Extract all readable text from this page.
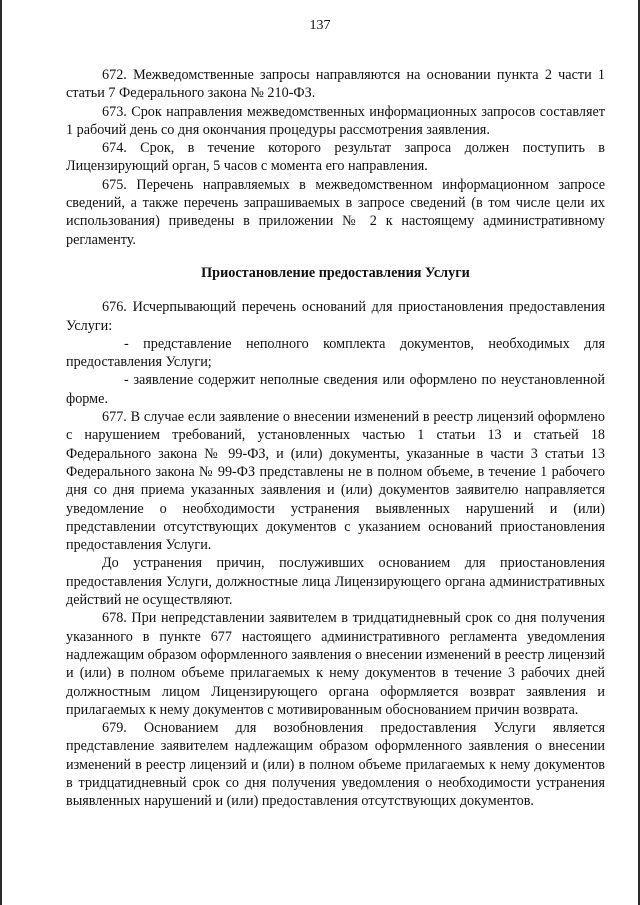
137

672. Межведомственные запросы направляются на основании пункта 2 части 1 статьи 7 Федерального закона № 210-ФЗ.

673. Срок направления межведомственных информационных запросов составляет 1 рабочий день со дня окончания процедуры рассмотрения заявления.

674. Срок, в течение которого результат запроса должен поступить в Лицензирующий орган, 5 часов с момента его направления.

675. Перечень направляемых в межведомственном информационном запросе сведений, а также перечень запрашиваемых в запросе сведений (в том числе цели их использования) приведены в приложении № 2 к настоящему административному регламенту.

Приостановление предоставления Услуги

676. Исчерпывающий перечень оснований для приостановления предоставления Услуги:

- представление неполного комплекта документов, необходимых для предоставления Услуги;

- заявление содержит неполные сведения или оформлено по неустановленной форме.

677. В случае если заявление о внесении изменений в реестр лицензий оформлено с нарушением требований, установленных частью 1 статьи 13 и статьей 18 Федерального закона № 99-ФЗ, и (или) документы, указанные в части 3 статьи 13 Федерального закона № 99-ФЗ представлены не в полном объеме, в течение 1 рабочего дня со дня приема указанных заявления и (или) документов заявителю направляется уведомление о необходимости устранения выявленных нарушений и (или) представлении отсутствующих документов с указанием оснований приостановления предоставления Услуги.

До устранения причин, послуживших основанием для приостановления предоставления Услуги, должностные лица Лицензирующего органа административных действий не осуществляют.

678. При непредставлении заявителем в тридцатидневный срок со дня получения указанного в пункте 677 настоящего административного регламента уведомления надлежащим образом оформленного заявления о внесении изменений в реестр лицензий и (или) в полном объеме прилагаемых к нему документов в течение 3 рабочих дней должностным лицом Лицензирующего органа оформляется возврат заявления и прилагаемых к нему документов с мотивированным обоснованием причин возврата.

679. Основанием для возобновления предоставления Услуги является представление заявителем надлежащим образом оформленного заявления о внесении изменений в реестр лицензий и (или) в полном объеме прилагаемых к нему документов в тридцатидневный срок со дня получения уведомления о необходимости устранения выявленных нарушений и (или) предоставления отсутствующих документов.
